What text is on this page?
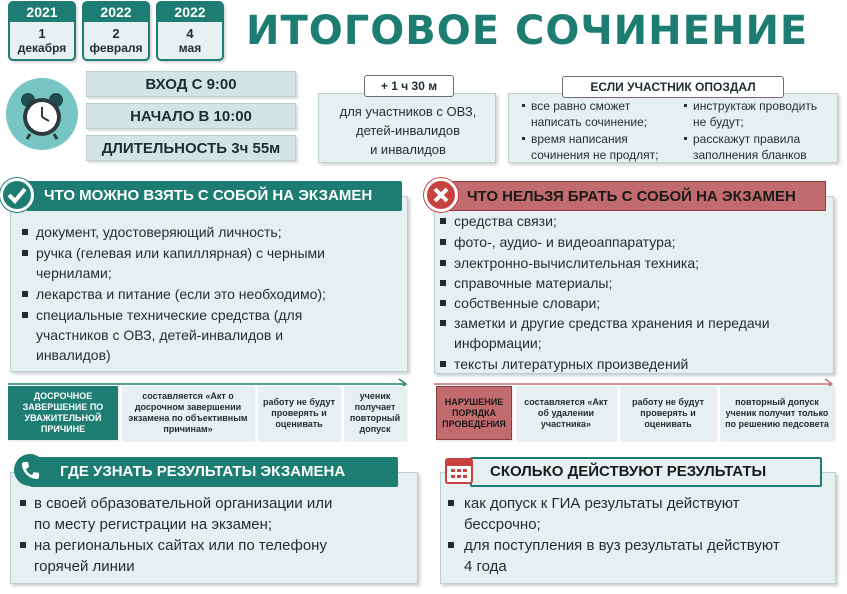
2021
1
декабря
2022
2
февраля
2022
4
мая	ИТОГОВОЕ СОЧИНЕНИЕ
ВХОД С 9:00
НАЧАЛО В 10:00
ДЛИТЕЛЬНОСТЬ 3ч 55м
+ 1 ч 30 м
для участников с ОВЗ,
детей-инвалидов
и инвалидов
ЕСЛИ УЧАСТНИК ОПОЗДАЛ
все равно сможет
написать сочинение;
время написания
сочинения не продлят;
инструктаж проводить
не будут;
расскажут правила
заполнения бланков
ЧТО МОЖНО ВЗЯТЬ С СОБОЙ НА ЭКЗАМЕН
документ, удостоверяющий личность;
ручка (гелевая или капиллярная) с черными
чернилами;
лекарства и питание (если это необходимо);
специальные технические средства (для
участников с ОВЗ, детей-инвалидов и
инвалидов)
ЧТО НЕЛЬЗЯ БРАТЬ С СОБОЙ НА ЭКЗАМЕН
средства связи;
фото-, аудио- и видеоаппаратура;
электронно-вычислительная техника;
справочные материалы;
собственные словари;
заметки и другие средства хранения и передачи
информации;
тексты литературных произведений
ДОСРОЧНОЕ ЗАВЕРШЕНИЕ ПО УВАЖИТЕЛЬНОЙ ПРИЧИНЕ
составляется «Акт о досрочном завершении экзамена по объективным причинам»
работу не будут проверять и оценивать
ученик получает повторный допуск
НАРУШЕНИЕ ПОРЯДКА ПРОВЕДЕНИЯ
составляется «Акт об удалении участника»
работу не будут проверять и оценивать
повторный допуск ученик получит только по решению педсовета
ГДЕ УЗНАТЬ РЕЗУЛЬТАТЫ ЭКЗАМЕНА
в своей образовательной организации или
по месту регистрации на экзамен;
на региональных сайтах или по телефону
горячей линии
СКОЛЬКО ДЕЙСТВУЮТ РЕЗУЛЬТАТЫ
как допуск к ГИА результаты действуют
бессрочно;
для поступления в вуз результаты действуют
4 года
